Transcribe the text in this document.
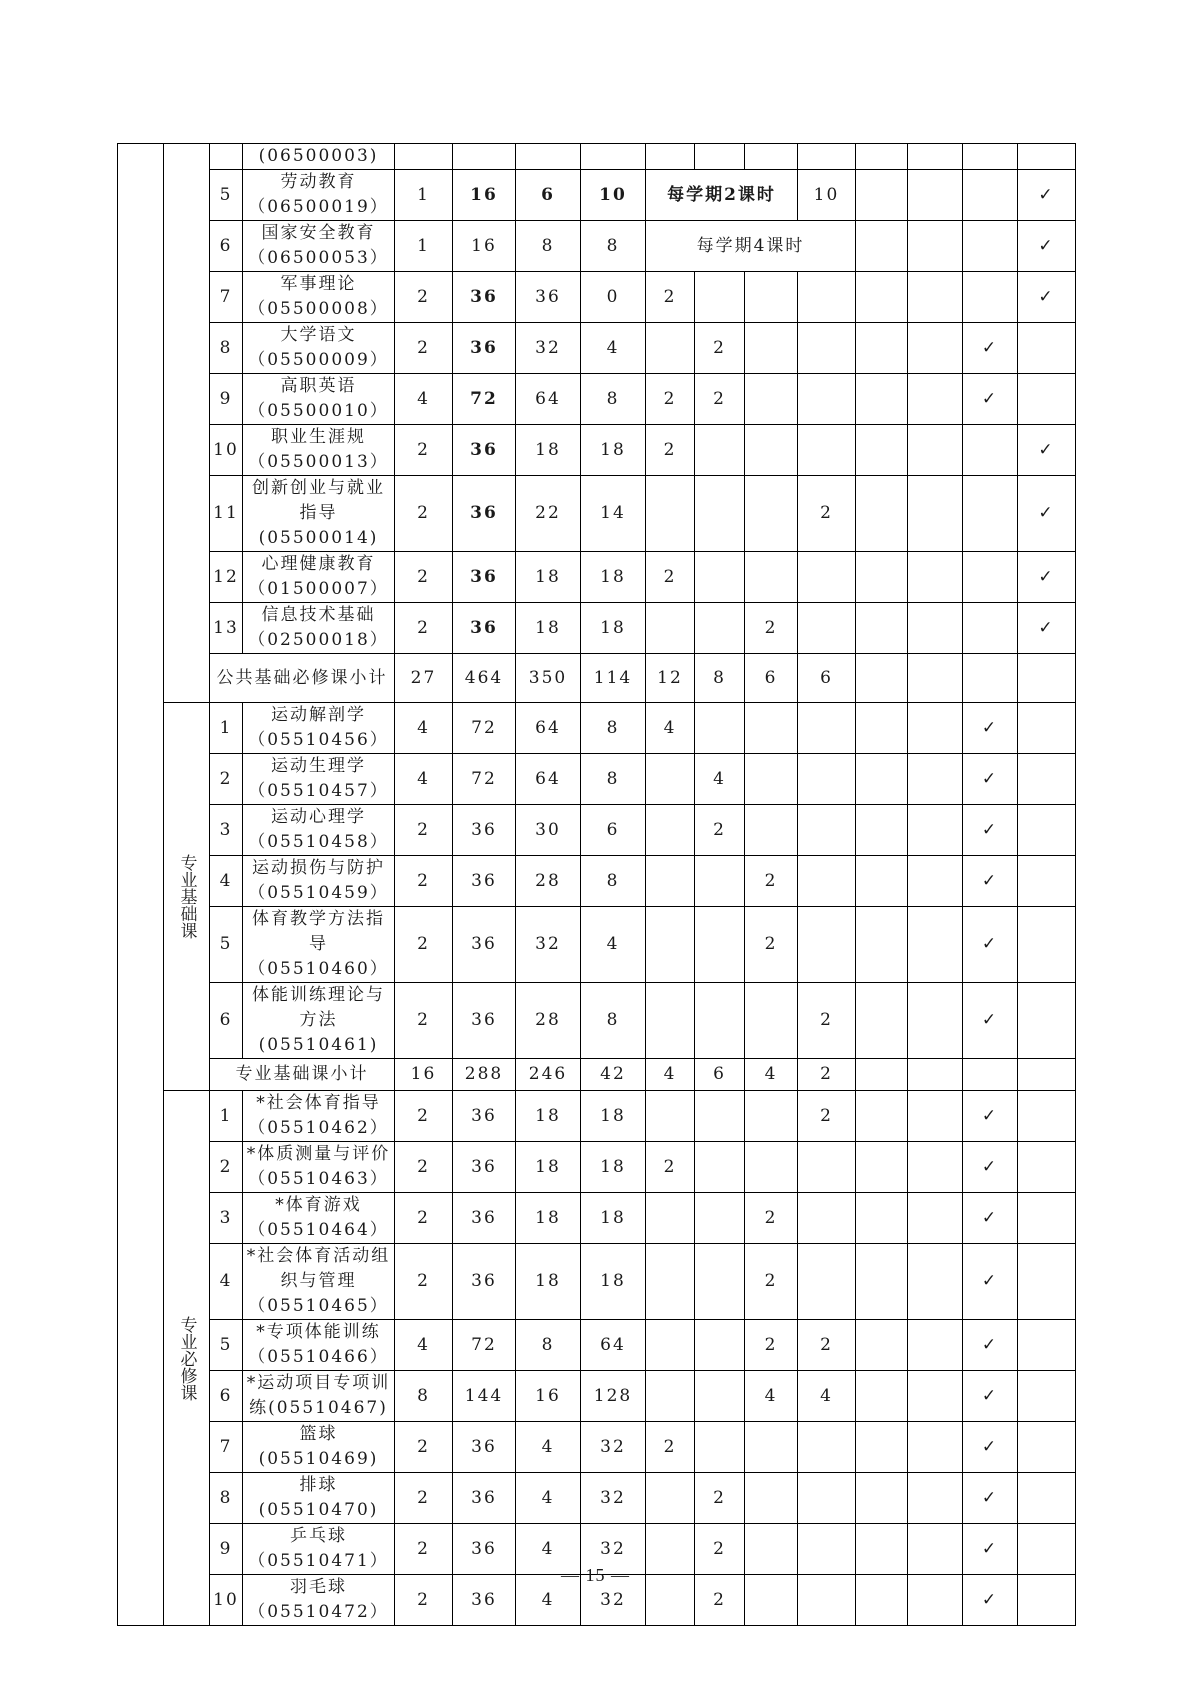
			(06500003)												
		5	劳动教育（06500019）	1	16	6	10	每学期2课时			10				✓
		6	国家安全教育（06500053）	1	16	8	8	每学期4课时							✓
		7	军事理论（05500008）	2	36	36	0	2							✓
		8	大学语文（05500009）	2	36	32	4		2					✓	
		9	高职英语（05500010）	4	72	64	8	2	2					✓	
		10	职业生涯规（05500013）	2	36	18	18	2							✓
		11	创新创业与就业指导(05500014)	2	36	22	14				2				✓
		12	心理健康教育（01500007）	2	36	18	18	2							✓
		13	信息技术基础（02500018）	2	36	18	18			2					✓
		公共基础必修课小计		27	464	350	114	12	8	6	6				
	专业基础课	1	运动解剖学（05510456）	4	72	64	8	4						✓	
		2	运动生理学（05510457）	4	72	64	8		4					✓	
		3	运动心理学（05510458）	2	36	30	6		2					✓	
		4	运动损伤与防护（05510459）	2	36	28	8			2				✓	
		5	体育教学方法指导（05510460）	2	36	32	4			2				✓	
		6	体能训练理论与方法(05510461)	2	36	28	8				2			✓	
		专业基础课小计		16	288	246	42	4	6	4	2				
	专业必修课	1	*社会体育指导（05510462）	2	36	18	18				2			✓	
		2	*体质测量与评价（05510463）	2	36	18	18	2						✓	
		3	*体育游戏（05510464）	2	36	18	18			2				✓	
		4	*社会体育活动组织与管理（05510465）	2	36	18	18			2				✓	
		5	*专项体能训练（05510466）	4	72	8	64			2	2			✓	
		6	*运动项目专项训练(05510467)	8	144	16	128			4	4			✓	
		7	篮球(05510469)	2	36	4	32	2						✓	
		8	排球(05510470)	2	36	4	32		2					✓	
		9	乒乓球（05510471）	2	36	4	32		2					✓	
		10	羽毛球（05510472）	2	36	4	32		2					✓	
— 15 —
